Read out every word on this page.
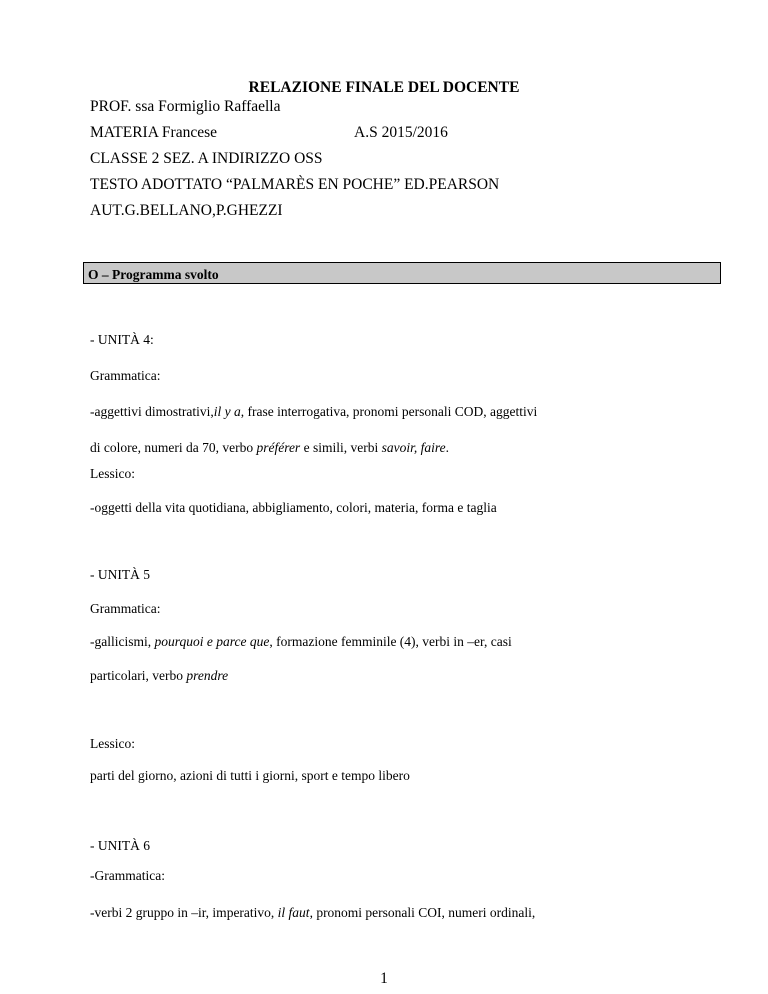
RELAZIONE FINALE DEL DOCENTE
PROF. ssa Formiglio Raffaella
MATERIA Francese	A.S 2015/2016
CLASSE 2 SEZ. A INDIRIZZO OSS
TESTO ADOTTATO “PALMARÈS EN POCHE” ED.PEARSON
AUT.G.BELLANO,P.GHEZZI
O – Programma svolto
- UNITÀ 4:
Grammatica:
-aggettivi dimostrativi,il y a, frase interrogativa, pronomi personali COD, aggettivi
di colore, numeri da 70, verbo préférer e simili, verbi savoir, faire.
Lessico:
-oggetti della vita quotidiana, abbigliamento, colori, materia, forma e taglia
- UNITÀ 5
Grammatica:
-gallicismi, pourquoi e parce que, formazione femminile (4), verbi in –er, casi
particolari, verbo prendre
Lessico:
parti del giorno, azioni di tutti i giorni, sport e tempo libero
- UNITÀ 6
-Grammatica:
-verbi 2 gruppo in –ir, imperativo, il faut, pronomi personali COI, numeri ordinali,
1
